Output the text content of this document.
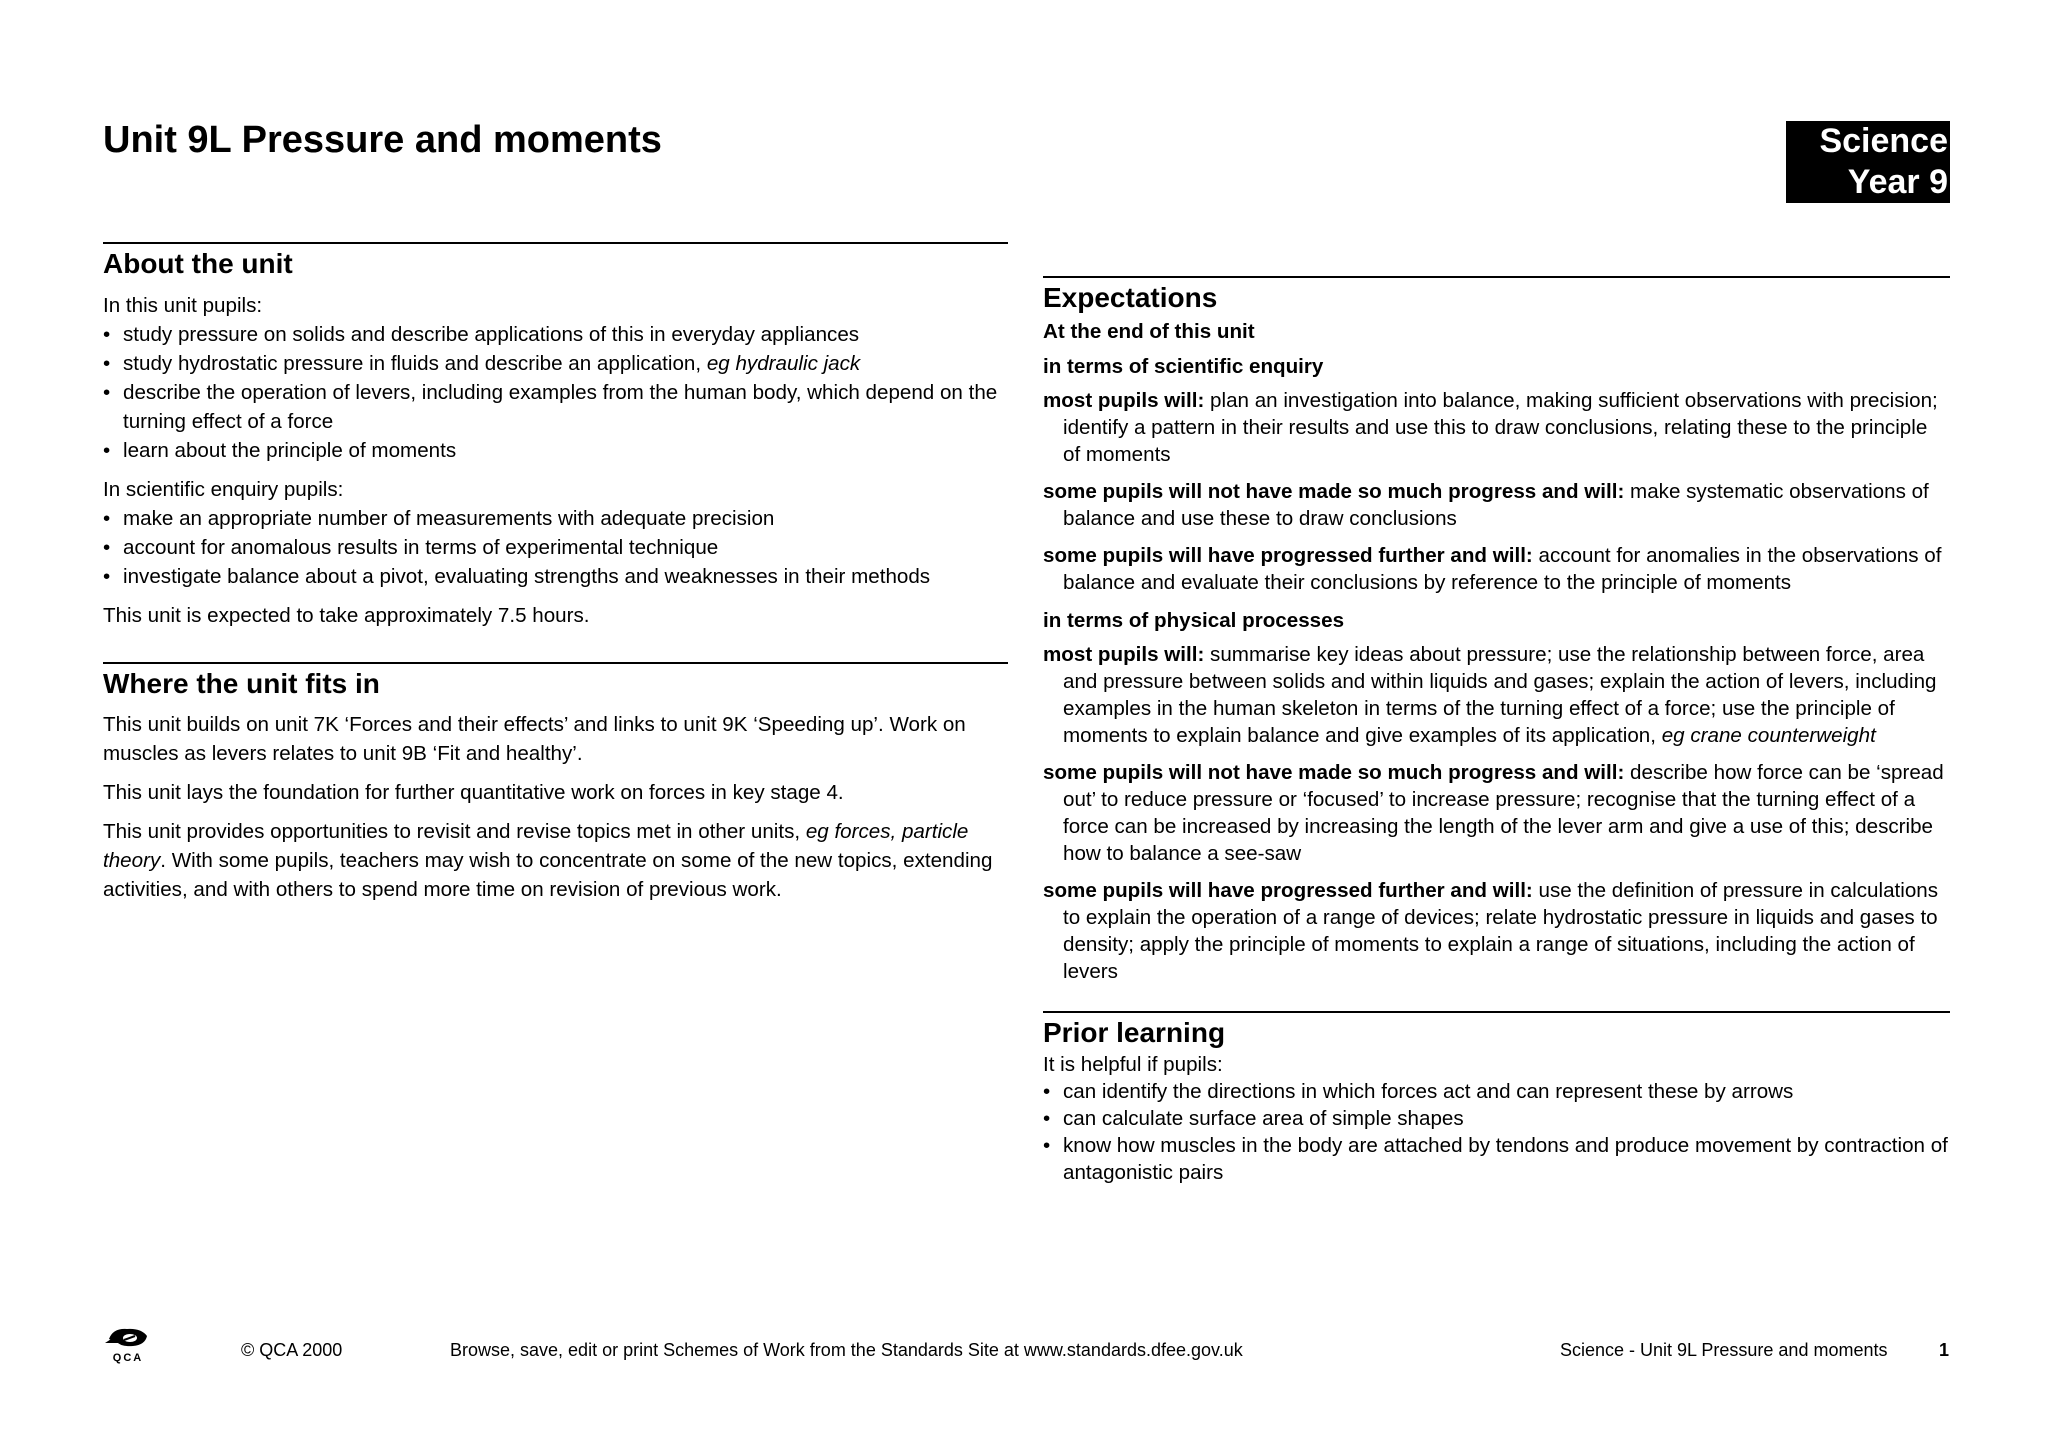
Unit 9L Pressure and moments	Science
Year 9
About the unit

In this unit pupils:

• study pressure on solids and describe applications of this in everyday appliances
• study hydrostatic pressure in fluids and describe an application, eg hydraulic jack
• describe the operation of levers, including examples from the human body, which depend on the turning effect of a force
• learn about the principle of moments

In scientific enquiry pupils:

• make an appropriate number of measurements with adequate precision
• account for anomalous results in terms of experimental technique
• investigate balance about a pivot, evaluating strengths and weaknesses in their methods

This unit is expected to take approximately 7.5 hours.

Where the unit fits in

This unit builds on unit 7K ‘Forces and their effects’ and links to unit 9K ‘Speeding up’. Work on muscles as levers relates to unit 9B ‘Fit and healthy’.

This unit lays the foundation for further quantitative work on forces in key stage 4.

This unit provides opportunities to revisit and revise topics met in other units, eg forces, particle theory. With some pupils, teachers may wish to concentrate on some of the new topics, extending activities, and with others to spend more time on revision of previous work.

Expectations
At the end of this unit
in terms of scientific enquiry
most pupils will: plan an investigation into balance, making sufficient observations with precision; identify a pattern in their results and use this to draw conclusions, relating these to the principle of moments
some pupils will not have made so much progress and will: make systematic observations of balance and use these to draw conclusions
some pupils will have progressed further and will: account for anomalies in the observations of balance and evaluate their conclusions by reference to the principle of moments
in terms of physical processes
most pupils will: summarise key ideas about pressure; use the relationship between force, area and pressure between solids and within liquids and gases; explain the action of levers, including examples in the human skeleton in terms of the turning effect of a force; use the principle of moments to explain balance and give examples of its application, eg crane counterweight
some pupils will not have made so much progress and will: describe how force can be ‘spread out’ to reduce pressure or ‘focused’ to increase pressure; recognise that the turning effect of a force can be increased by increasing the length of the lever arm and give a use of this; describe how to balance a see-saw
some pupils will have progressed further and will: use the definition of pressure in calculations to explain the operation of a range of devices; relate hydrostatic pressure in liquids and gases to density; apply the principle of moments to explain a range of situations, including the action of levers
Prior learning

It is helpful if pupils:

• can identify the directions in which forces act and can represent these by arrows
• can calculate surface area of simple shapes
• know how muscles in the body are attached by tendons and produce movement by contraction of antagonistic pairs
QCA	© QCA 2000	Browse, save, edit or print Schemes of Work from the Standards Site at www.standards.dfee.gov.uk	Science - Unit 9L Pressure and moments	1
